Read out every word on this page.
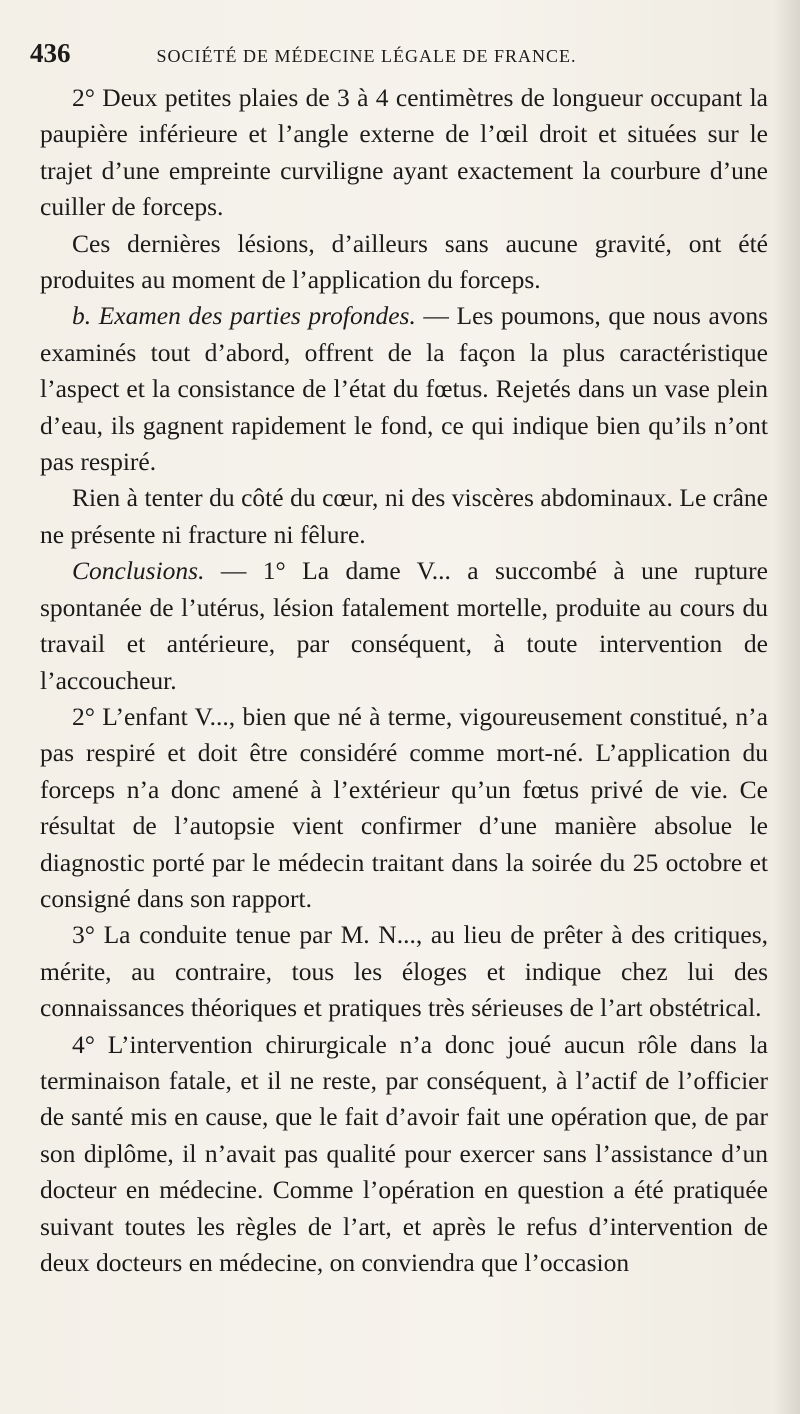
436	SOCIÉTÉ DE MÉDECINE LÉGALE DE FRANCE.

2° Deux petites plaies de 3 à 4 centimètres de longueur occupant la paupière inférieure et l’angle externe de l’œil droit et situées sur le trajet d’une empreinte curviligne ayant exactement la courbure d’une cuiller de forceps.

Ces dernières lésions, d’ailleurs sans aucune gravité, ont été produites au moment de l’application du forceps.

b. Examen des parties profondes. — Les poumons, que nous avons examinés tout d’abord, offrent de la façon la plus caractéristique l’aspect et la consistance de l’état du fœtus. Rejetés dans un vase plein d’eau, ils gagnent rapidement le fond, ce qui indique bien qu’ils n’ont pas respiré.

Rien à tenter du côté du cœur, ni des viscères abdominaux. Le crâne ne présente ni fracture ni fêlure.

Conclusions. — 1° La dame V... a succombé à une rupture spontanée de l’utérus, lésion fatalement mortelle, produite au cours du travail et antérieure, par conséquent, à toute intervention de l’accoucheur.

2° L’enfant V..., bien que né à terme, vigoureusement constitué, n’a pas respiré et doit être considéré comme mort-né. L’application du forceps n’a donc amené à l’extérieur qu’un fœtus privé de vie. Ce résultat de l’autopsie vient confirmer d’une manière absolue le diagnostic porté par le médecin traitant dans la soirée du 25 octobre et consigné dans son rapport.

3° La conduite tenue par M. N..., au lieu de prêter à des critiques, mérite, au contraire, tous les éloges et indique chez lui des connaissances théoriques et pratiques très sérieuses de l’art obstétrical.

4° L’intervention chirurgicale n’a donc joué aucun rôle dans la terminaison fatale, et il ne reste, par conséquent, à l’actif de l’officier de santé mis en cause, que le fait d’avoir fait une opération que, de par son diplôme, il n’avait pas qualité pour exercer sans l’assistance d’un docteur en médecine. Comme l’opération en question a été pratiquée suivant toutes les règles de l’art, et après le refus d’intervention de deux docteurs en médecine, on conviendra que l’occasion
